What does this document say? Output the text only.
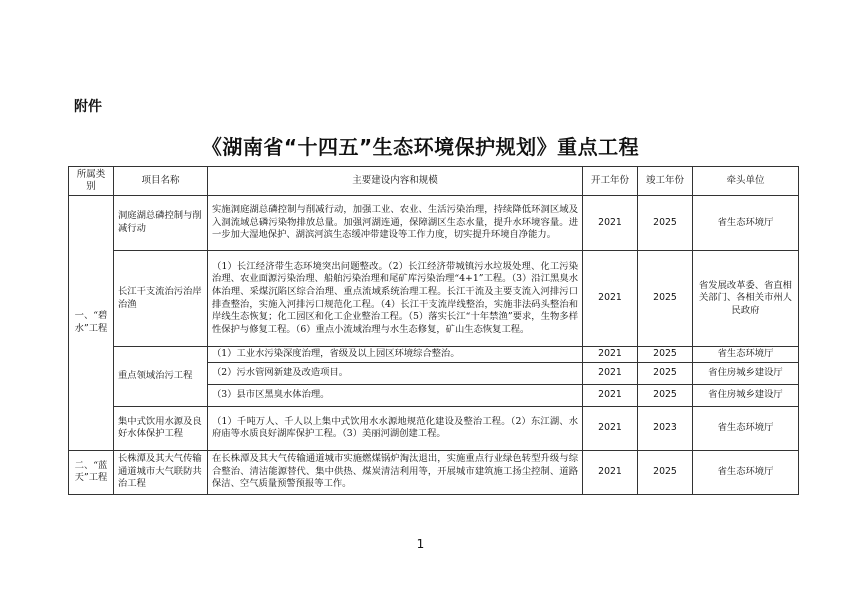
附件
《湖南省“十四五”生态环境保护规划》重点工程
所属类别	项目名称	主要建设内容和规模	开工年份	竣工年份	牵头单位
一、“碧水”工程	洞庭湖总磷控制与削减行动	实施洞庭湖总磷控制与削减行动，加强工业、农业、生活污染治理，持续降低环洞区域及入洞流域总磷污染物排放总量。加强河湖连通，保障湖区生态水量，提升水环境容量。进一步加大湿地保护、湖滨河滨生态缓冲带建设等工作力度，切实提升环境自净能力。	2021	2025	省生态环境厅
	长江干支流治污治岸治渔	（1）长江经济带生态环境突出问题整改。（2）长江经济带城镇污水垃圾处理、化工污染治理、农业面源污染治理、船舶污染治理和尾矿库污染治理“4+1”工程。（3）沿江黑臭水体治理、采煤沉陷区综合治理、重点流域系统治理工程。长江干流及主要支流入河排污口排查整治，实施入河排污口规范化工程。（4）长江干支流岸线整治，实施非法码头整治和岸线生态恢复；化工园区和化工企业整治工程。（5）落实长江“十年禁渔”要求，生物多样性保护与修复工程。（6）重点小流域治理与水生态修复，矿山生态恢复工程。	2021	2025	省发展改革委、省直相关部门、各相关市州人民政府
	重点领域治污工程	（1）工业水污染深度治理，省级及以上园区环境综合整治。	2021	2025	省生态环境厅
		（2）污水管网新建及改造项目。	2021	2025	省住房城乡建设厅
		（3）县市区黑臭水体治理。	2021	2025	省住房城乡建设厅
	集中式饮用水源及良好水体保护工程	（1）千吨万人、千人以上集中式饮用水水源地规范化建设及整治工程。（2）东江湖、水府庙等水质良好湖库保护工程。（3）美丽河湖创建工程。	2021	2023	省生态环境厅
二、“蓝天”工程	长株潭及其大气传输通道城市大气联防共治工程	在长株潭及其大气传输通道城市实施燃煤锅炉淘汰退出，实施重点行业绿色转型升级与综合整治、清洁能源替代、集中供热、煤炭清洁利用等，开展城市建筑施工扬尘控制、道路保洁、空气质量预警预报等工作。	2021	2025	省生态环境厅
1
